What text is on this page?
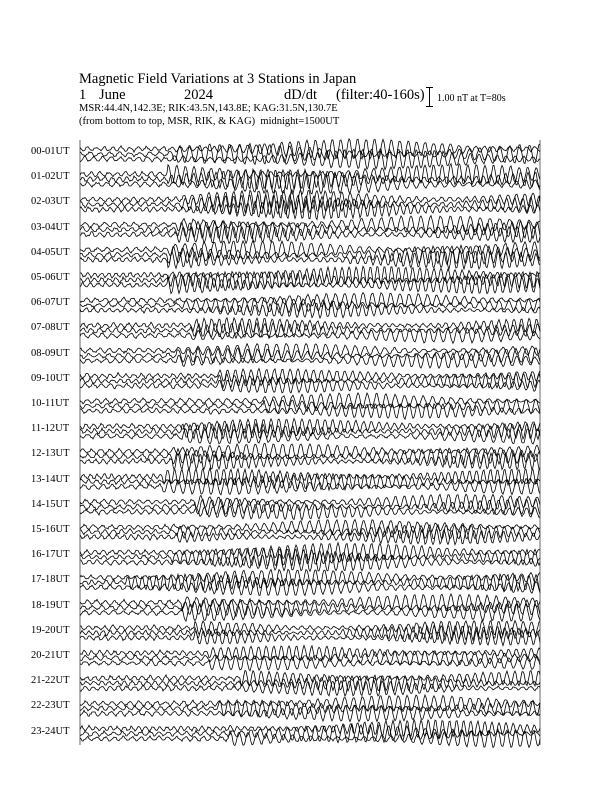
Magnetic Field Variations at 3 Stations in Japan

1

June

	2024

	dD/dt

(filter:40-160s)

MSR:44.4N,142.3E; RIK:43.5N,143.8E; KAG:31.5N,130.7E
(from bottom to top, MSR, RIK, & KAG)  midnight=1500UT
1.00 nT at T=80s
00-01UT
01-02UT
02-03UT
03-04UT
04-05UT
05-06UT
06-07UT
07-08UT
08-09UT
09-10UT
10-11UT
11-12UT
12-13UT
13-14UT
14-15UT
15-16UT
16-17UT
17-18UT
18-19UT
19-20UT
20-21UT
21-22UT
22-23UT
23-24UT
